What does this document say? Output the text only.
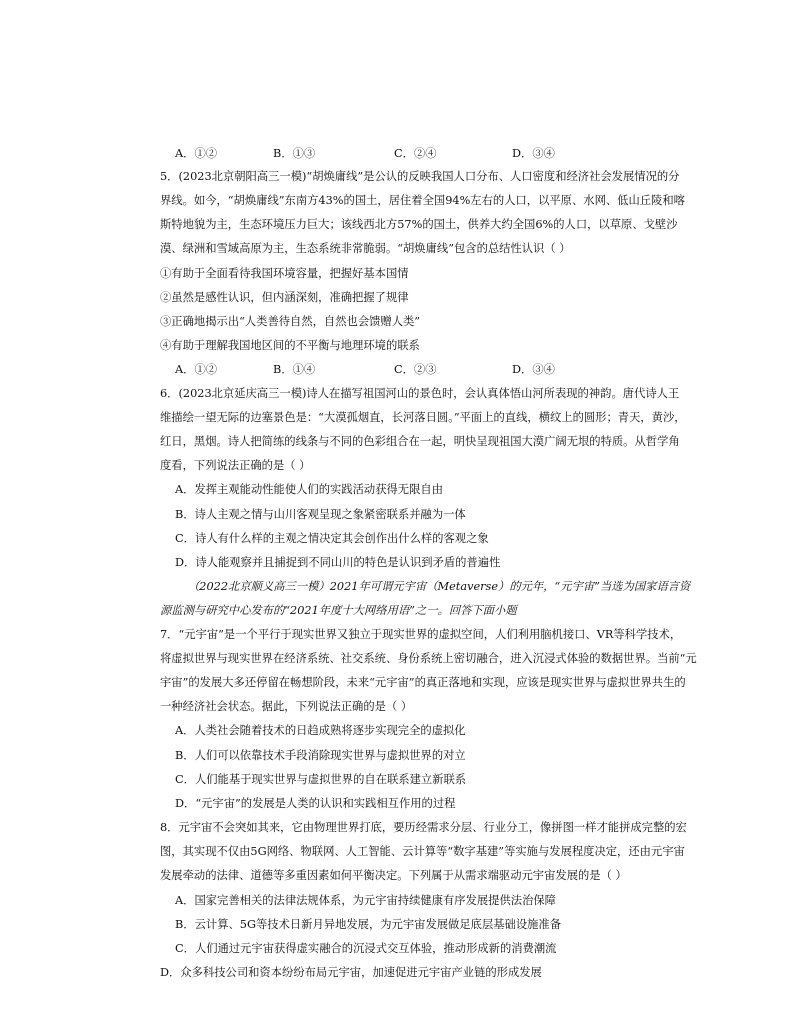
A．①②	B．①③	C．②④	D．③④
5．(2023北京朝阳高三一模)“胡焕庸线”是公认的反映我国人口分布、人口密度和经济社会发展情况的分
界线。如今，“胡焕庸线”东南方43%的国土，居住着全国94%左右的人口，以平原、水网、低山丘陵和喀
斯特地貌为主，生态环境压力巨大；该线西北方57%的国土，供养大约全国6%的人口，以草原、戈壁沙
漠、绿洲和雪域高原为主，生态系统非常脆弱。“胡焕庸线”包含的总结性认识（ ）
①有助于全面看待我国环境容量，把握好基本国情
②虽然是感性认识，但内涵深刻，准确把握了规律
③正确地揭示出“人类善待自然，自然也会馈赠人类”
④有助于理解我国地区间的不平衡与地理环境的联系
A．①②	B．①④	C．②③	D．③④
6．(2023北京延庆高三一模)诗人在描写祖国河山的景色时，会认真体悟山河所表现的神韵。唐代诗人王
维描绘一望无际的边塞景色是：“大漠孤烟直，长河落日圆。”平面上的直线，横纹上的圆形；青天，黄沙，
红日，黑烟。诗人把简练的线条与不同的色彩组合在一起，明快呈现祖国大漠广阔无垠的特质。从哲学角
度看，下列说法正确的是（ ）
A．发挥主观能动性能使人们的实践活动获得无限自由
B．诗人主观之情与山川客观呈现之象紧密联系并融为一体
C．诗人有什么样的主观之情决定其会创作出什么样的客观之象
D．诗人能观察并且捕捉到不同山川的特色是认识到矛盾的普遍性
（2022北京顺义高三一模）2021年可谓元宇宙（Metaverse）的元年，“元宇宙”当选为国家语言资
源监测与研究中心发布的“2021年度十大网络用语”之一。回答下面小题
7．“元宇宙”是一个平行于现实世界又独立于现实世界的虚拟空间，人们利用脑机接口、VR等科学技术，
将虚拟世界与现实世界在经济系统、社交系统、身份系统上密切融合，进入沉浸式体验的数据世界。当前“元
宇宙”的发展大多还停留在畅想阶段，未来“元宇宙”的真正落地和实现，应该是现实世界与虚拟世界共生的
一种经济社会状态。据此，下列说法正确的是（ ）
A．人类社会随着技术的日趋成熟将逐步实现完全的虚拟化
B．人们可以依靠技术手段消除现实世界与虚拟世界的对立
C．人们能基于现实世界与虚拟世界的自在联系建立新联系
D．“元宇宙”的发展是人类的认识和实践相互作用的过程
8．元宇宙不会突如其来，它由物理世界打底，要历经需求分层、行业分工，像拼图一样才能拼成完整的宏
图，其实现不仅由5G网络、物联网、人工智能、云计算等“数字基建”等实施与发展程度决定，还由元宇宙
发展牵动的法律、道德等多重因素如何平衡决定。下列属于从需求端驱动元宇宙发展的是（ ）
A．国家完善相关的法律法规体系，为元宇宙持续健康有序发展提供法治保障
B．云计算、5G等技术日新月异地发展，为元宇宙发展做足底层基础设施准备
C．人们通过元宇宙获得虚实融合的沉浸式交互体验，推动形成新的消费潮流
D．众多科技公司和资本纷纷布局元宇宙，加速促进元宇宙产业链的形成发展
